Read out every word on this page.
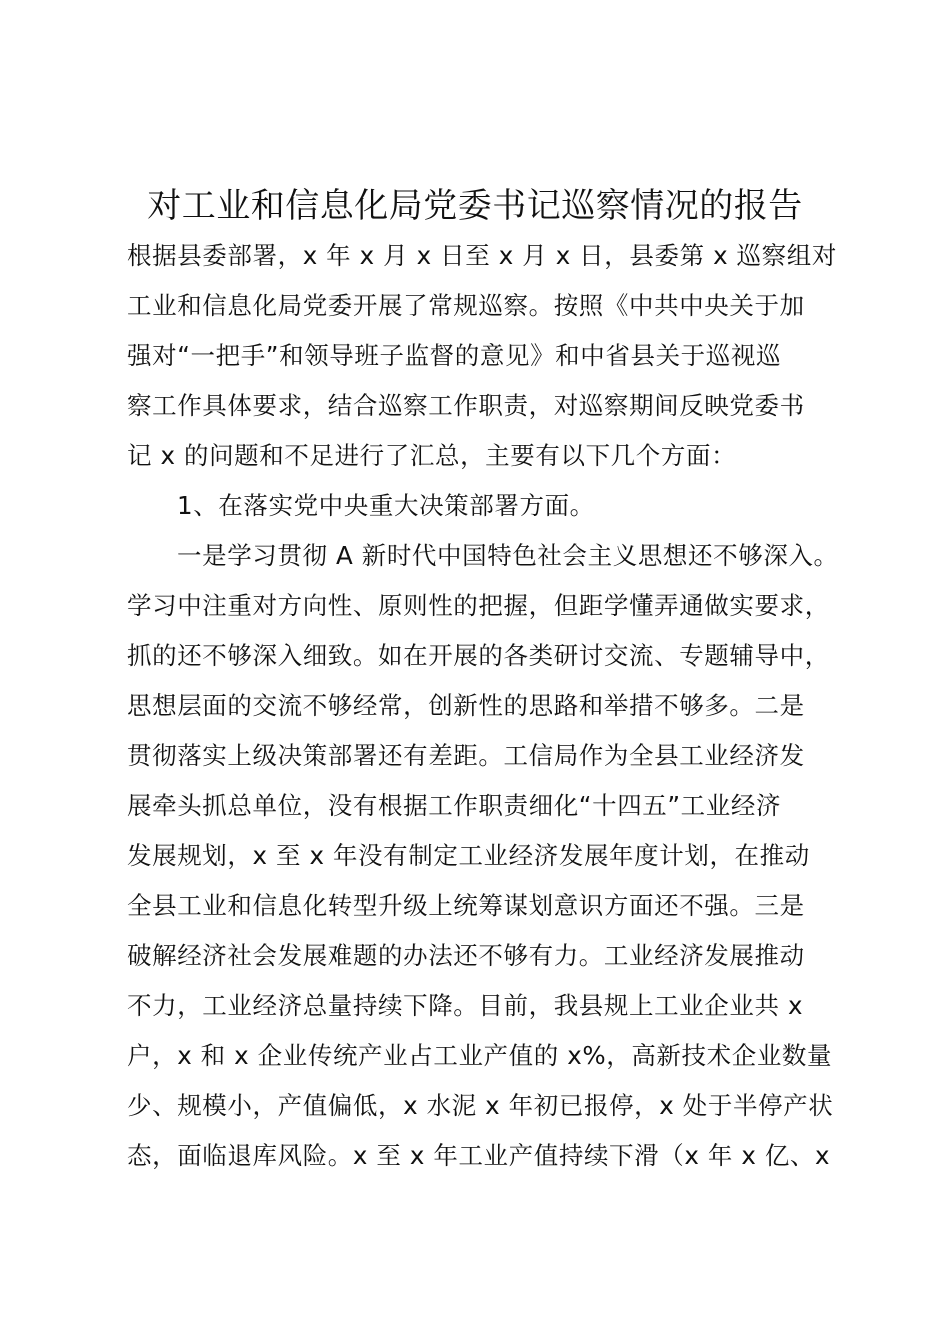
对工业和信息化局党委书记巡察情况的报告

根据县委部署，x 年 x 月 x 日至 x 月 x 日，县委第 x 巡察组对

工业和信息化局党委开展了常规巡察。按照《中共中央关于加

强对“一把手”和领导班子监督的意见》和中省县关于巡视巡

察工作具体要求，结合巡察工作职责，对巡察期间反映党委书

记 x 的问题和不足进行了汇总，主要有以下几个方面：

1、在落实党中央重大决策部署方面。

一是学习贯彻 A 新时代中国特色社会主义思想还不够深入。

学习中注重对方向性、原则性的把握，但距学懂弄通做实要求，

抓的还不够深入细致。如在开展的各类研讨交流、专题辅导中，

思想层面的交流不够经常，创新性的思路和举措不够多。二是

贯彻落实上级决策部署还有差距。工信局作为全县工业经济发

展牵头抓总单位，没有根据工作职责细化“十四五”工业经济

发展规划，x 至 x 年没有制定工业经济发展年度计划，在推动

全县工业和信息化转型升级上统筹谋划意识方面还不强。三是

破解经济社会发展难题的办法还不够有力。工业经济发展推动

不力，工业经济总量持续下降。目前，我县规上工业企业共 x

户，x 和 x 企业传统产业占工业产值的 x%，高新技术企业数量

少、规模小，产值偏低，x 水泥 x 年初已报停，x 处于半停产状

态，面临退库风险。x 至 x 年工业产值持续下滑（x 年 x 亿、x
